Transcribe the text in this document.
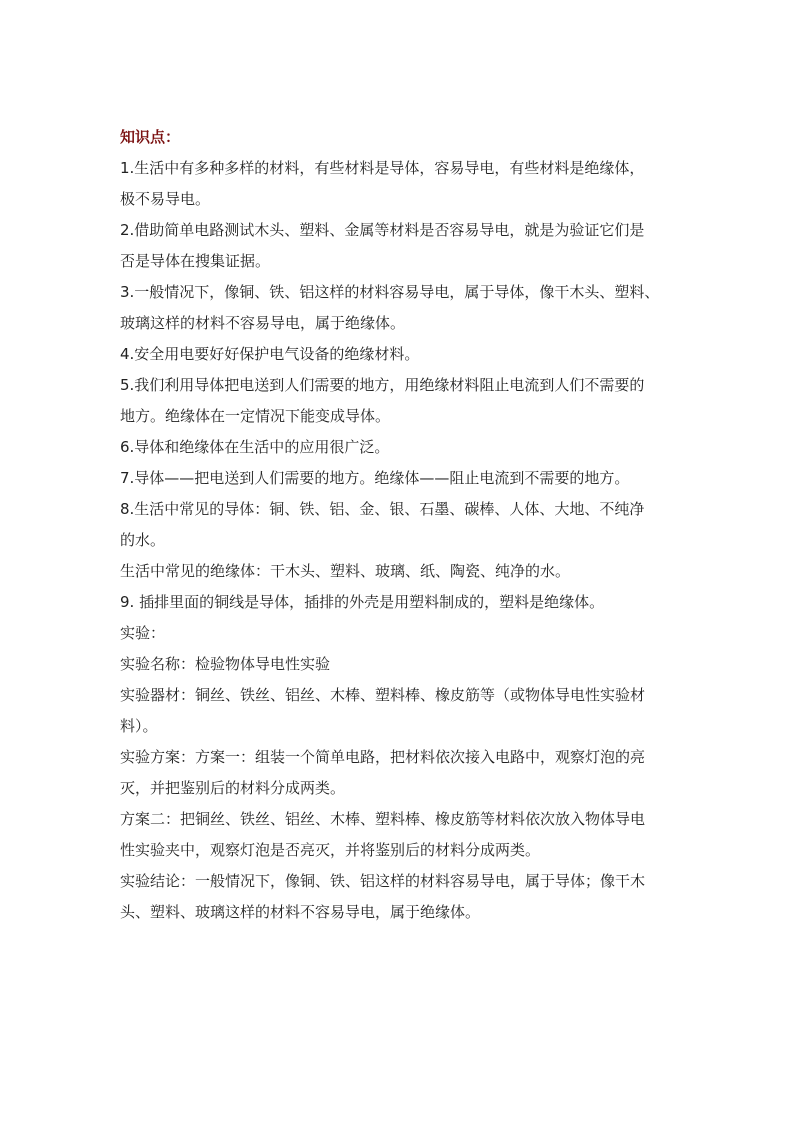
知识点：
1.生活中有多种多样的材料，有些材料是导体，容易导电，有些材料是绝缘体，
极不易导电。
2.借助简单电路测试木头、塑料、金属等材料是否容易导电，就是为验证它们是
否是导体在搜集证据。
3.一般情况下，像铜、铁、铝这样的材料容易导电，属于导体，像干木头、塑料、
玻璃这样的材料不容易导电，属于绝缘体。
4.安全用电要好好保护电气设备的绝缘材料。
5.我们利用导体把电送到人们需要的地方，用绝缘材料阻止电流到人们不需要的
地方。绝缘体在一定情况下能变成导体。
6.导体和绝缘体在生活中的应用很广泛。
7.导体——把电送到人们需要的地方。绝缘体——阻止电流到不需要的地方。
8.生活中常见的导体：铜、铁、铝、金、银、石墨、碳棒、人体、大地、不纯净
的水。
生活中常见的绝缘体：干木头、塑料、玻璃、纸、陶瓷、纯净的水。
9. 插排里面的铜线是导体，插排的外壳是用塑料制成的，塑料是绝缘体。
实验：
实验名称：检验物体导电性实验
实验器材：铜丝、铁丝、铝丝、木棒、塑料棒、橡皮筋等（或物体导电性实验材
料）。
实验方案：方案一：组装一个简单电路，把材料依次接入电路中，观察灯泡的亮
灭，并把鉴别后的材料分成两类。
方案二：把铜丝、铁丝、铝丝、木棒、塑料棒、橡皮筋等材料依次放入物体导电
性实验夹中，观察灯泡是否亮灭，并将鉴别后的材料分成两类。
实验结论：一般情况下，像铜、铁、铝这样的材料容易导电，属于导体；像干木
头、塑料、玻璃这样的材料不容易导电，属于绝缘体。
